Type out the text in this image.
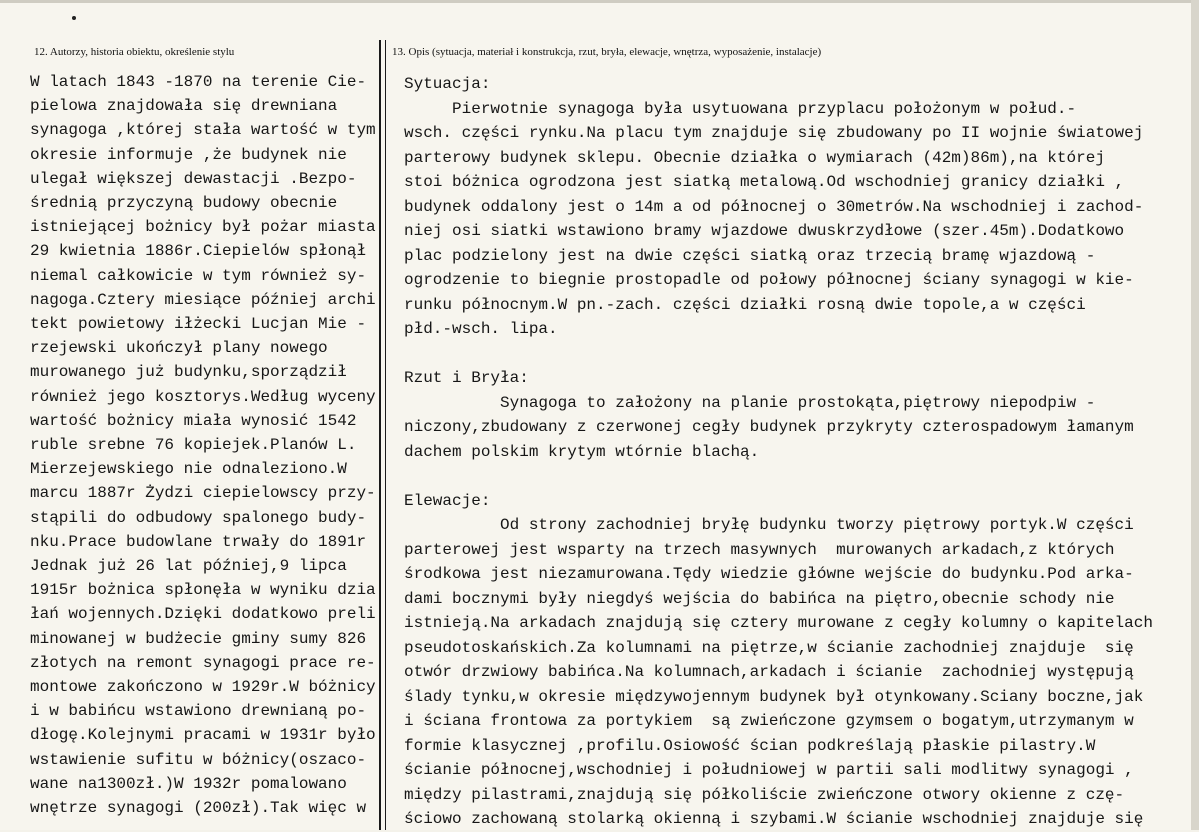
12. Autorzy, historia obiektu, określenie stylu	13. Opis (sytuacja, materiał i konstrukcja, rzut, bryła, elewacje, wnętrza, wyposażenie, instalacje)
W latach 1843 -1870 na terenie Cie-
pielowa znajdowała się drewniana
synagoga ,której stała wartość w tym
okresie informuje ,że budynek nie
ulegał większej dewastacji .Bezpo-
średnią przyczyną budowy obecnie
istniejącej bożnicy był pożar miasta
29 kwietnia 1886r.Ciepielów spłonął
niemal całkowicie w tym również sy-
nagoga.Cztery miesiące później archi
tekt powietowy iłżecki Lucjan Mie -
rzejewski ukończył plany nowego
murowanego już budynku,sporządził
również jego kosztorys.Według wyceny
wartość bożnicy miała wynosić 1542
ruble srebne 76 kopiejek.Planów L.
Mierzejewskiego nie odnaleziono.W
marcu 1887r Żydzi ciepielowscy przy-
stąpili do odbudowy spalonego budy-
nku.Prace budowlane trwały do 1891r
Jednak już 26 lat później,9 lipca
1915r bożnica spłonęła w wyniku dzia
łań wojennych.Dzięki dodatkowo preli
minowanej w budżecie gminy sumy 826
złotych na remont synagogi prace re-
montowe zakończono w 1929r.W bóżnicy
i w babińcu wstawiono drewnianą po-
dłogę.Kolejnymi pracami w 1931r było
wstawienie sufitu w bóżnicy(oszaco-
wane na1300zł.)W 1932r pomalowano
wnętrze synagogi (200zł).Tak więc w
Sytuacja:
Pierwotnie synagoga była usytuowana przyplacu położonym w połud.-
wsch. części rynku.Na placu tym znajduje się zbudowany po II wojnie światowej
parterowy budynek sklepu. Obecnie działka o wymiarach (42m)86m),na której
stoi bóżnica ogrodzona jest siatką metalową.Od wschodniej granicy działki ,
budynek oddalony jest o 14m a od północnej o 30metrów.Na wschodniej i zachod-
niej osi siatki wstawiono bramy wjazdowe dwuskrzydłowe (szer.45m).Dodatkowo
plac podzielony jest na dwie części siatką oraz trzecią bramę wjazdową -
ogrodzenie to biegnie prostopadle od połowy północnej ściany synagogi w kie-
runku północnym.W pn.-zach. części działki rosną dwie topole,a w części
płd.-wsch. lipa.
Rzut i Bryła:
Synagoga to założony na planie prostokąta,piętrowy niepodpiw -
niczony,zbudowany z czerwonej cegły budynek przykryty czterospadowym łamanym
dachem polskim krytym wtórnie blachą.
Elewacje:
Od strony zachodniej bryłę budynku tworzy piętrowy portyk.W części
parterowej jest wsparty na trzech masywnych  murowanych arkadach,z których
środkowa jest niezamurowana.Tędy wiedzie główne wejście do budynku.Pod arka-
dami bocznymi były niegdyś wejścia do babińca na piętro,obecnie schody nie
istnieją.Na arkadach znajdują się cztery murowane z cegły kolumny o kapitelach
pseudotoskańskich.Za kolumnami na piętrze,w ścianie zachodniej znajduje  się
otwór drzwiowy babińca.Na kolumnach,arkadach i ścianie  zachodniej występują
ślady tynku,w okresie międzywojennym budynek był otynkowany.Sciany boczne,jak
i ściana frontowa za portykiem  są zwieńczone gzymsem o bogatym,utrzymanym w
formie klasycznej ,profilu.Osiowość ścian podkreślają płaskie pilastry.W
ścianie północnej,wschodniej i południowej w partii sali modlitwy synagogi ,
między pilastrami,znajdują się półkoliście zwieńczone otwory okienne z czę-
ściowo zachowaną stolarką okienną i szybami.W ścianie wschodniej znajduje się
